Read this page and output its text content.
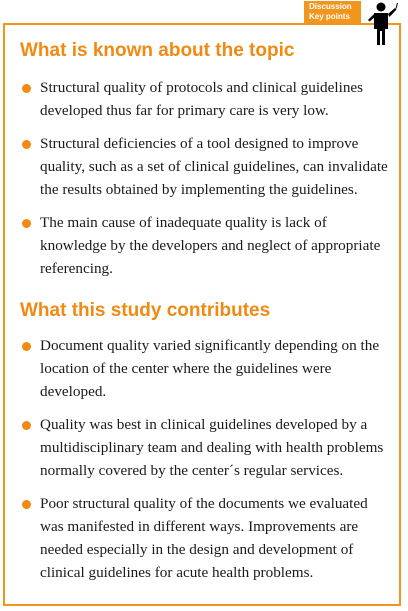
Discussion
Key points
What is known about the topic
Structural quality of protocols and clinical guidelines developed thus far for primary care is very low.
Structural deficiencies of a tool designed to improve quality, such as a set of clinical guidelines, can invalidate the results obtained by implementing the guidelines.
The main cause of inadequate quality is lack of knowledge by the developers and neglect of appropriate referencing.
What this study contributes
Document quality varied significantly depending on the location of the center where the guidelines were developed.
Quality was best in clinical guidelines developed by a multidisciplinary team and dealing with health problems normally covered by the center´s regular services.
Poor structural quality of the documents we evaluated was manifested in different ways. Improvements are needed especially in the design and development of clinical guidelines for acute health problems.
